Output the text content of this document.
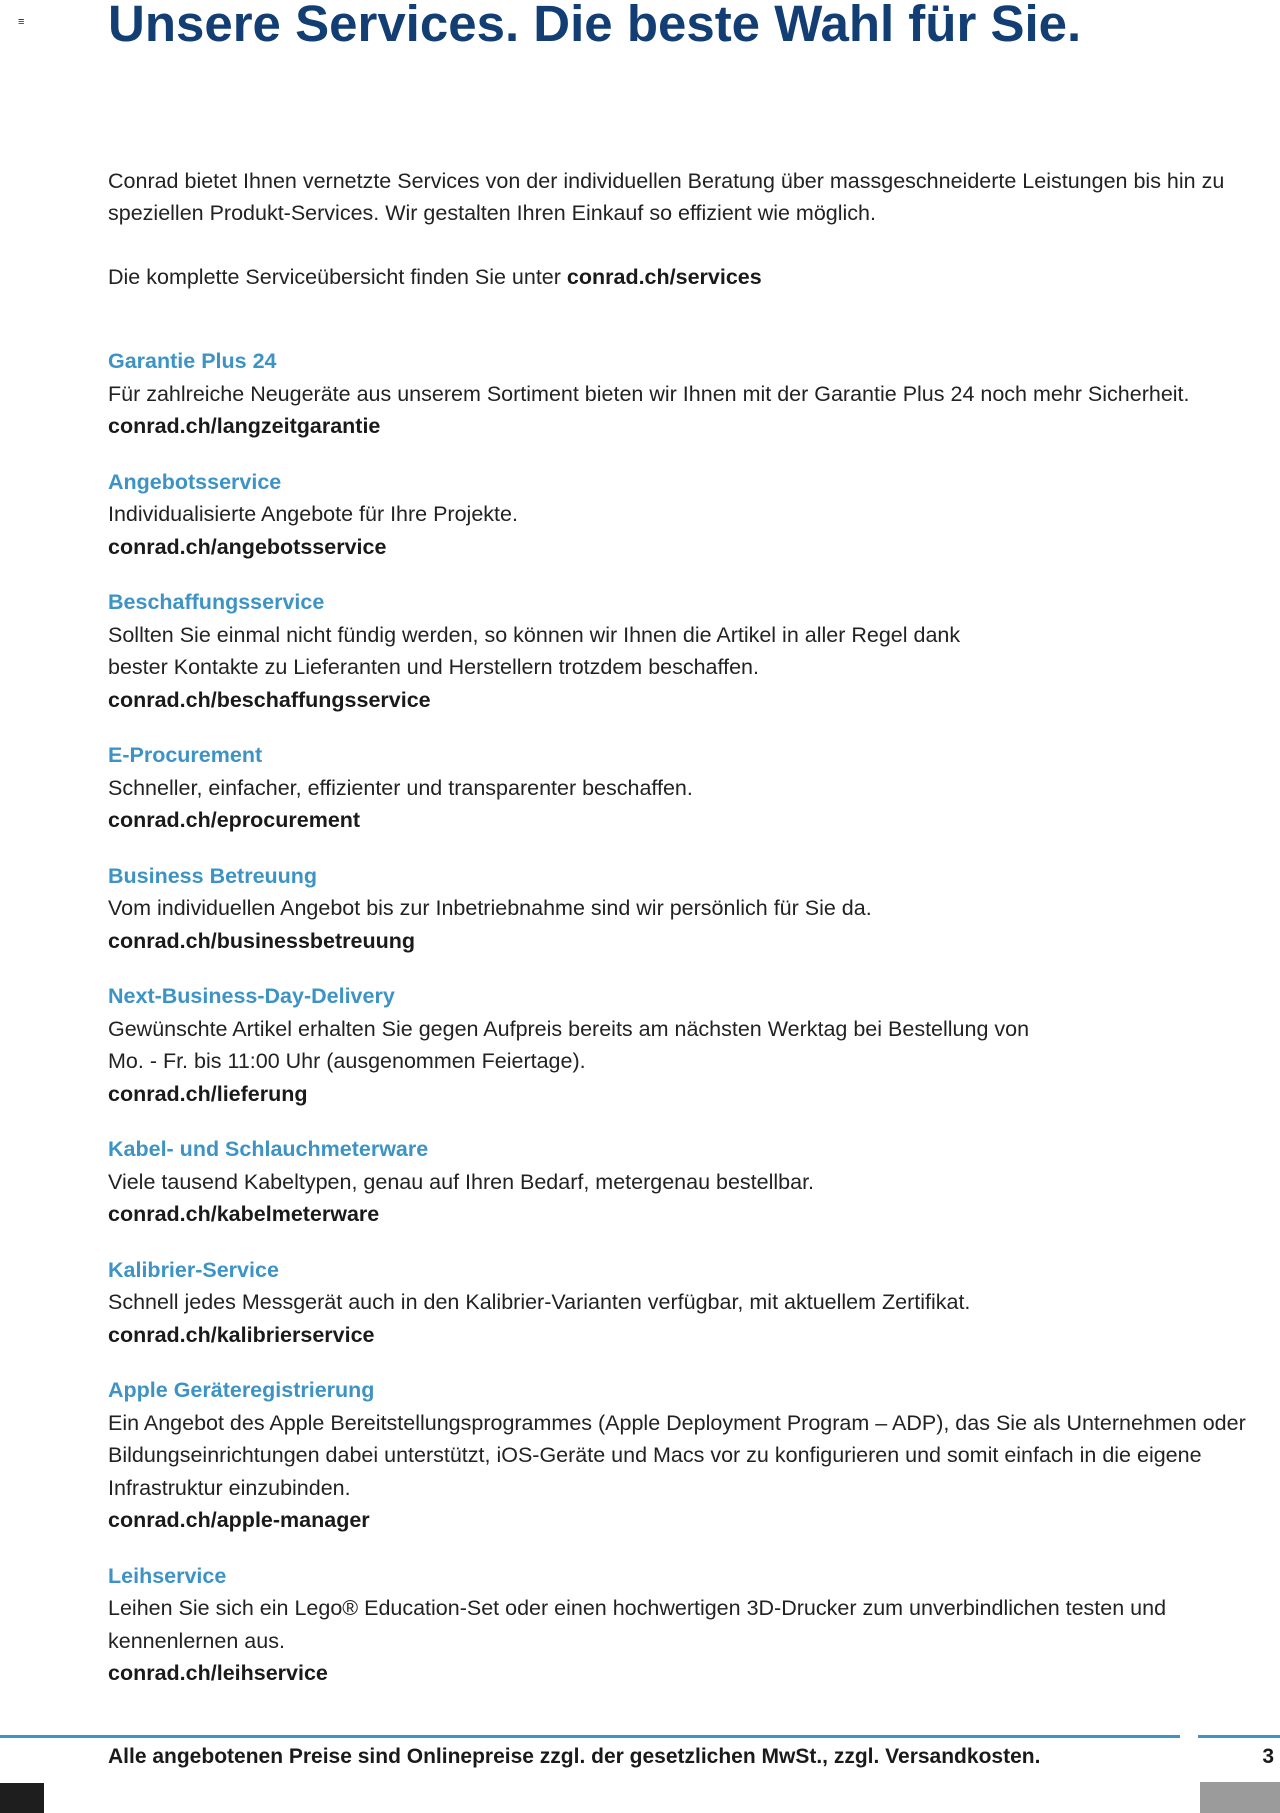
≡ Unsere Services. Die beste Wahl für Sie.

Conrad bietet Ihnen vernetzte Services von der individuellen Beratung über massgeschneiderte Leistungen bis hin zu speziellen Produkt-Services. Wir gestalten Ihren Einkauf so effizient wie möglich.

Die komplette Serviceübersicht finden Sie unter conrad.ch/services

Garantie Plus 24
Für zahlreiche Neugeräte aus unserem Sortiment bieten wir Ihnen mit der Garantie Plus 24 noch mehr Sicherheit.
conrad.ch/langzeitgarantie
Angebotsservice
Individualisierte Angebote für Ihre Projekte.
conrad.ch/angebotsservice
Beschaffungsservice
Sollten Sie einmal nicht fündig werden, so können wir Ihnen die Artikel in aller Regel dank
bester Kontakte zu Lieferanten und Herstellern trotzdem beschaffen.
conrad.ch/beschaffungsservice
E-Procurement
Schneller, einfacher, effizienter und transparenter beschaffen.
conrad.ch/eprocurement
Business Betreuung
Vom individuellen Angebot bis zur Inbetriebnahme sind wir persönlich für Sie da.
conrad.ch/businessbetreuung
Next-Business-Day-Delivery
Gewünschte Artikel erhalten Sie gegen Aufpreis bereits am nächsten Werktag bei Bestellung von
Mo. - Fr. bis 11:00 Uhr (ausgenommen Feiertage).
conrad.ch/lieferung
Kabel- und Schlauchmeterware
Viele tausend Kabeltypen, genau auf Ihren Bedarf, metergenau bestellbar.
conrad.ch/kabelmeterware
Kalibrier-Service
Schnell jedes Messgerät auch in den Kalibrier-Varianten verfügbar, mit aktuellem Zertifikat.
conrad.ch/kalibrierservice
Apple Geräteregistrierung
Ein Angebot des Apple Bereitstellungsprogrammes (Apple Deployment Program – ADP), das Sie als Unternehmen oder Bildungseinrichtungen dabei unterstützt, iOS-Geräte und Macs vor zu konfigurieren und somit einfach in die eigene Infrastruktur einzubinden.
conrad.ch/apple-manager
Leihservice
Leihen Sie sich ein Lego® Education-Set oder einen hochwertigen 3D-Drucker zum unverbindlichen testen und kennenlernen aus.
conrad.ch/leihservice
Alle angebotenen Preise sind Onlinepreise zzgl. der gesetzlichen MwSt., zzgl. Versandkosten.	3
